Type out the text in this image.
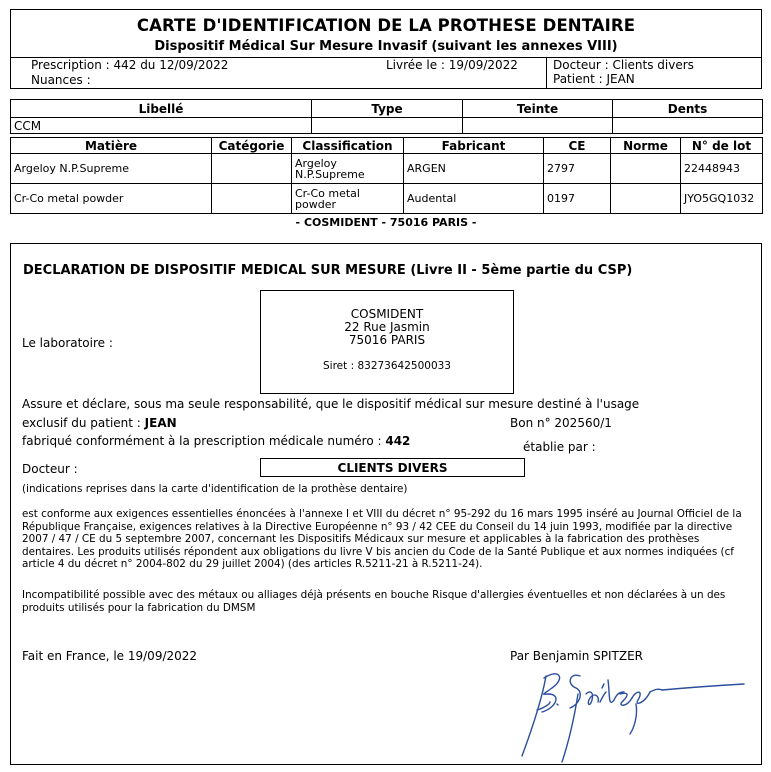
CARTE D'IDENTIFICATION DE LA PROTHESE DENTAIRE
Dispositif Médical Sur Mesure Invasif (suivant les annexes VIII)
Prescription : 442 du 12/09/2022
Nuances :
Livrée le : 19/09/2022	Docteur : Clients divers
Patient : JEAN
Libellé	Type	Teinte	Dents
CCM			
Matière	Catégorie	Classification	Fabricant	CE	Norme	N° de lot
Argeloy N.P.Supreme		Argeloy N.P.Supreme	ARGEN	2797		22448943
Cr-Co metal powder		Cr-Co metal powder	Audental	0197		JYO5GQ1032
- COSMIDENT - 75016 PARIS -
DECLARATION DE DISPOSITIF MEDICAL SUR MESURE (Livre II - 5ème partie du CSP)
Le laboratoire :
COSMIDENT
22 Rue Jasmin
75016 PARIS
Siret : 83273642500033
Assure et déclare, sous ma seule responsabilité, que le dispositif médical sur mesure destiné à l'usage
exclusif du patient : JEAN	Bon n° 202560/1
fabriqué conformément à la prescription médicale numéro : 442	établie par :
Docteur :	CLIENTS DIVERS
(indications reprises dans la carte d'identification de la prothèse dentaire)
est conforme aux exigences essentielles énoncées à l'annexe I et VIII du décret n° 95-292 du 16 mars 1995 inséré au Journal Officiel de la République Française, exigences relatives à la Directive Européenne n° 93 / 42 CEE du Conseil du 14 juin 1993, modifiée par la directive 2007 / 47 / CE du 5 septembre 2007, concernant les Dispositifs Médicaux sur mesure et applicables à la fabrication des prothèses dentaires. Les produits utilisés répondent aux obligations du livre V bis ancien du Code de la Santé Publique et aux normes indiquées (cf article 4 du décret n° 2004-802 du 29 juillet 2004) (des articles R.5211-21 à R.5211-24).
Incompatibilité possible avec des métaux ou alliages déjà présents en bouche Risque d'allergies éventuelles et non déclarées à un des produits utilisés pour la fabrication du DMSM
Fait en France, le 19/09/2022	Par Benjamin SPITZER
